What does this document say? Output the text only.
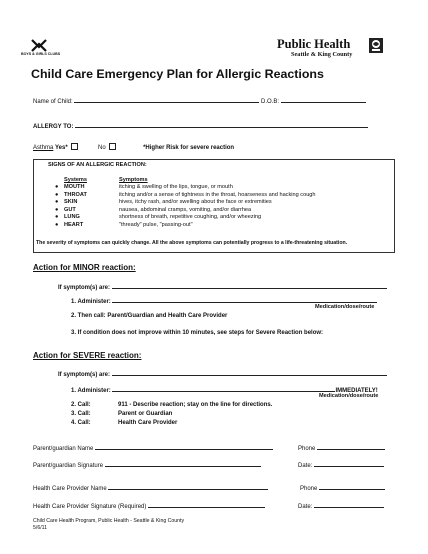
BOYS & GIRLS CLUBS
Public Health
Seattle & King County
Child Care Emergency Plan for Allergic Reactions
Name of Child:	D.O.B:
ALLERGY TO:
Asthma Yes*	No	*Higher Risk for severe reaction
SIGNS OF AN ALLERGIC REACTION:
Systems	Symptoms
● MOUTH	itching & swelling of the lips, tongue, or mouth
● THROAT	itching and/or a sense of tightness in the throat, hoarseness and hacking cough
● SKIN	hives, itchy rash, and/or swelling about the face or extremities
● GUT	nausea, abdominal cramps, vomiting, and/or diarrhea
● LUNG	shortness of breath, repetitive coughing, and/or wheezing
● HEART	"thready" pulse, "passing-out"
The severity of symptoms can quickly change. All the above symptoms can potentially progress to a life-threatening situation.
Action for MINOR reaction:
If symptom(s) are:
1. Administer:
Medication/dose/route
2. Then call: Parent/Guardian and Health Care Provider
3. If condition does not improve within 10 minutes, see steps for Severe Reaction below:
Action for SEVERE reaction:
If symptom(s) are:
1. Administer:	IMMEDIATELY!
Medication/dose/route
2. Call:	911 - Describe reaction; stay on the line for directions.
3. Call:	Parent or Guardian
4. Call:	Health Care Provider
Parent/guardian Name	Phone
Parent/guardian Signature	Date:
Health Care Provider Name	Phone
Health Care Provider Signature (Required)	Date:
Child Care Health Program, Public Health - Seattle & King County
5/6/11
